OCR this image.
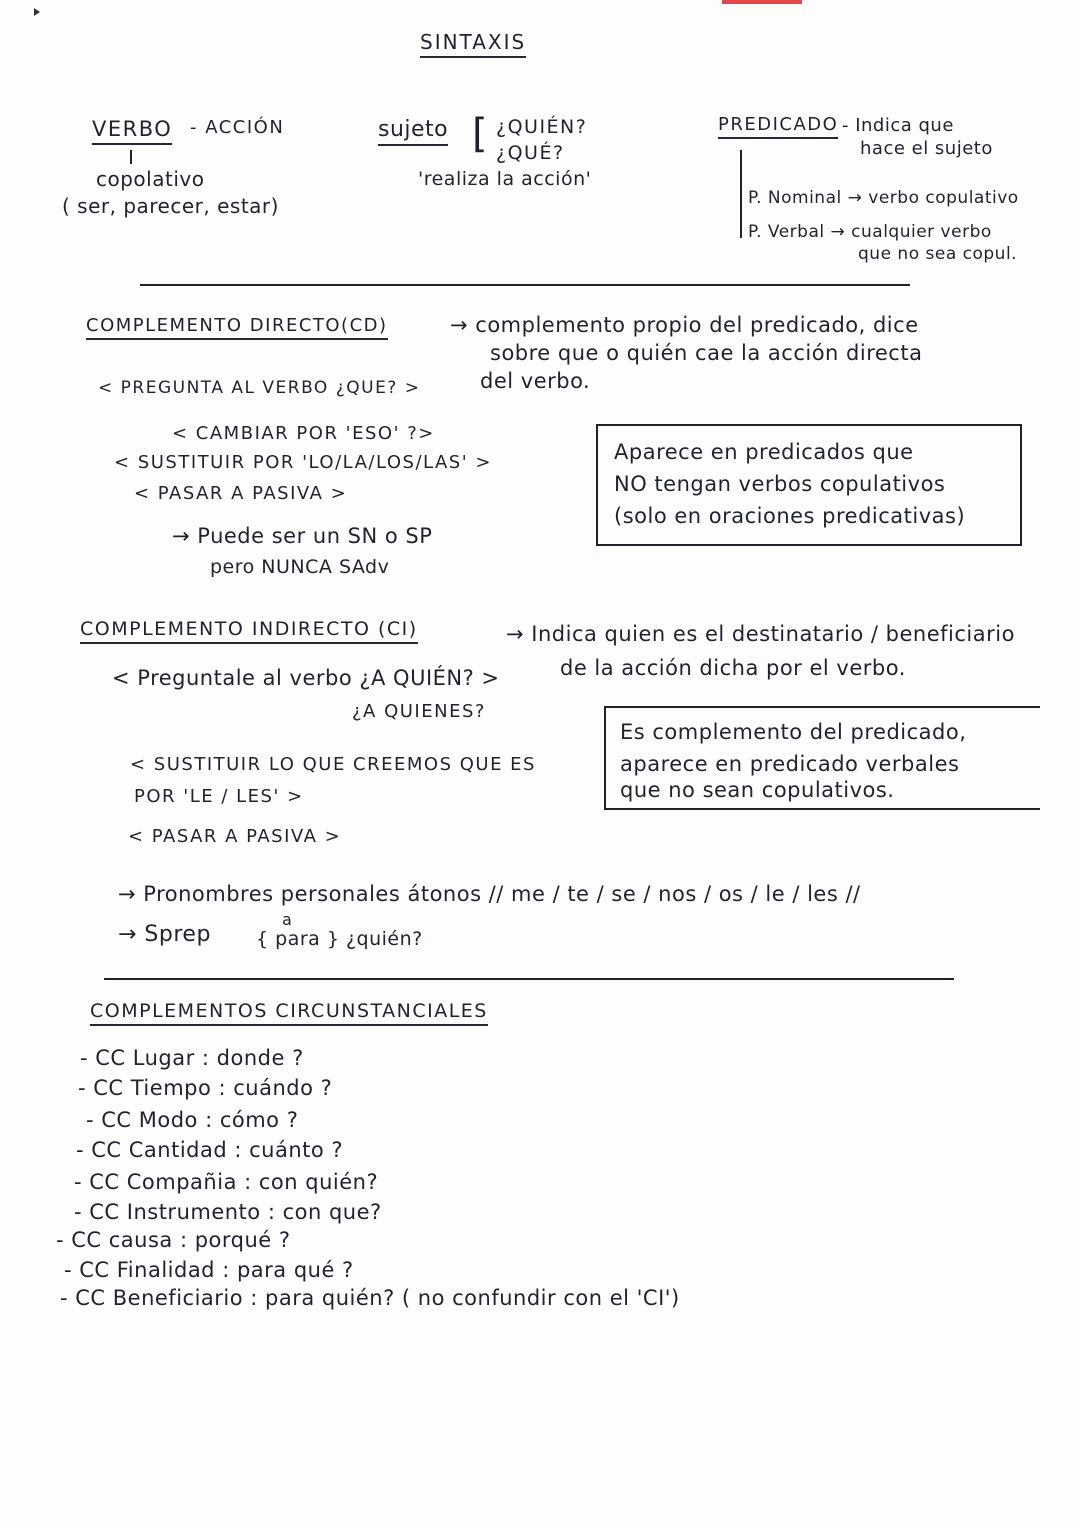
SINTAXIS
VERBO - ACCIÓN
copolativo
( ser, parecer, estar)
sujeto [ ¿QUIÉN?
¿QUÉ?
'realiza la acción'
PREDICADO - Indica que
hace el sujeto
P. Nominal → verbo copulativo
P. Verbal → cualquier verbo
que no sea copul.
COMPLEMENTO DIRECTO(CD)	→ complemento propio del predicado, dice
sobre que o quién cae la acción directa
del verbo.
< PREGUNTA AL VERBO ¿QUE? >
< CAMBIAR POR 'ESO' ?>
< SUSTITUIR POR 'LO/LA/LOS/LAS' >
< PASAR A PASIVA >
→ Puede ser un SN o SP
pero NUNCA SAdv
Aparece en predicados que
NO tengan verbos copulativos
(solo en oraciones predicativas)
COMPLEMENTO INDIRECTO (CI)	→ Indica quien es el destinatario / beneficiario
de la acción dicha por el verbo.
< Preguntale al verbo ¿A QUIÉN? >
¿A QUIENES?
< SUSTITUIR LO QUE CREEMOS QUE ES
POR 'LE / LES' >
< PASAR A PASIVA >
Es complemento del predicado,
aparece en predicado verbales
que no sean copulativos.
→ Pronombres personales átonos // me / te / se / nos / os / le / les //
→ Sprep
a
{ para } ¿quién?
COMPLEMENTOS CIRCUNSTANCIALES
- CC Lugar : donde ?
- CC Tiempo : cuándo ?
- CC Modo : cómo ?
- CC Cantidad : cuánto ?
- CC Compañia : con quién?
- CC Instrumento : con que?
- CC causa : porqué ?
- CC Finalidad : para qué ?
- CC Beneficiario : para quién? ( no confundir con el 'CI')
